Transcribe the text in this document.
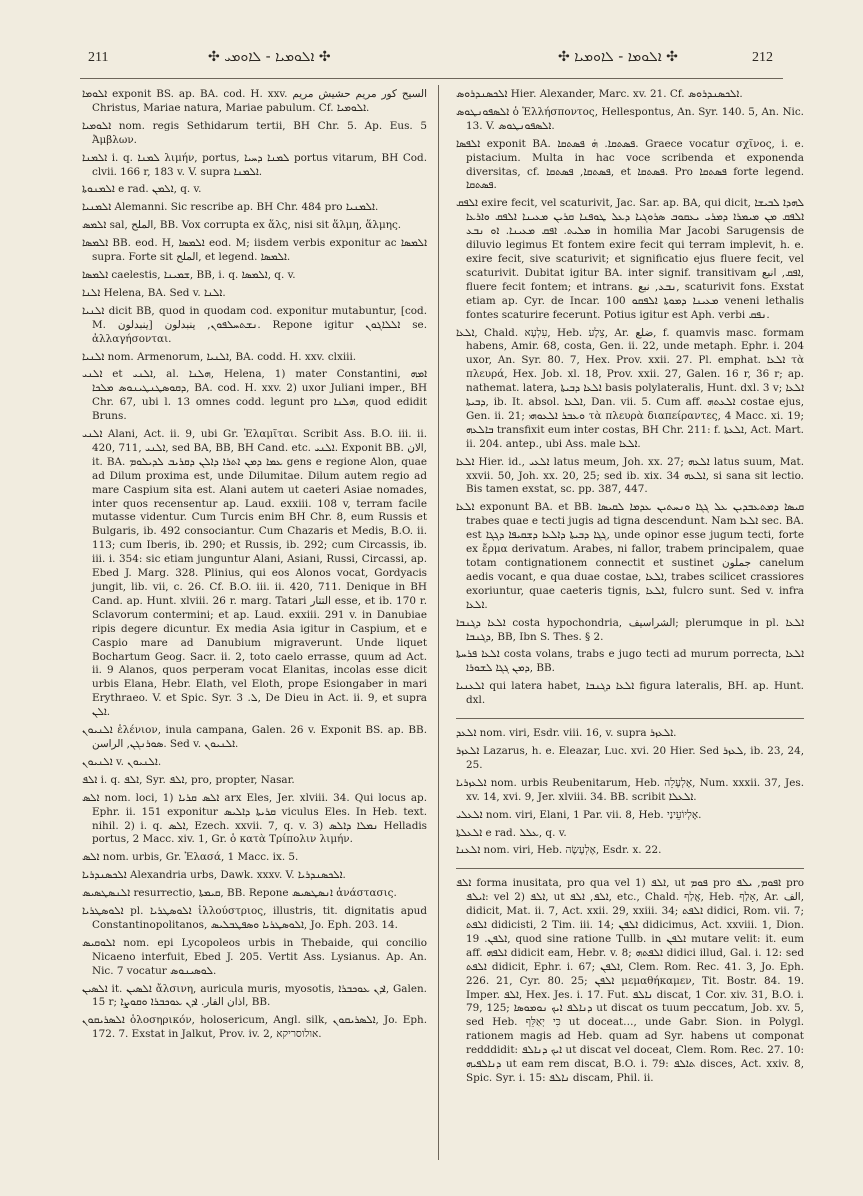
211	✣ ܐܠܘܡܝܐ - ܠܐܘܡܝ ✣	✣ ܐܠܘܡܐ - ܠܐܘܡܝܐ ✣	212

ܐܠܘܡܐ exponit BS. ap. BA. cod. H. xxv. السيح كور مريم حشيش مريم Christus, Mariae natura, Mariae pabulum. Cf. ܐܠܘܡܝܐ.

ܐܠܘܡܝܐ nom. regis Sethidarum tertii, BH Chr. 5. Ap. Eus. 5 Ἀμβλων.

ܐܠܡܢܐ i. q. ܠܡܢܐ λιμήν, portus, ܠܡܢܐ ܕܚܝܐ portus vitarum, BH Cod. clvii. 166 r, 183 v. V. supra ܐܠܡܢܐ.

ܐܠܡܢܘܬܐ e rad. ܐܠܡܢ, q. v.

ܐܠܡܢܝܐ Alemanni. Sic rescribe ap. BH Chr. 484 pro ܐܠܡܢܝܐ.

ܐܠܡܣ sal, الملح, BB. Vox corrupta ex ἅλς, nisi sit ἅλμη, ἅλμης.

ܐܠܡܣܐ BB. eod. H, ܐܠܡܣܐ eod. M; iisdem verbis exponitur ac ܐܠܡܣܐ supra. Forte sit الملح, et legend. ܐܠܡܣܐ.

ܐܠܡܣܐ caelestis, ܫܡܝܢܐ, BB, i. q. ܐܠܡܣܐ, q. v.

ܐܠܢܐ Helena, BA. Sed v. ܐܠܢܐ.

ܐܠܢܝܐ dicit BB, quod in quodam cod. exponitur mutabuntur, [cod. M. ينبدلون] ܢܫܬܚܠܦܘܢ, ينبدلون. Repone igitur ܐܠܠܐܓܘܢ se. ἀλλαγήσονται.

ܐܠܢܝܐ nom. Armenorum, ܐܠܢܝܐ, BA. codd. H. xxv. clxiii.

ܐܠܢܝ et ܐܠܢܝ, al. ܗܠܢܐ, Helena, 1) mater Constantini, ܐܡܗ ܕܩܘܣܛܢܛܝܢܘܣ ܡܠܟܐ, BA. cod. H. xxv. 2) uxor Juliani imper., BH Chr. 67, ubi l. 13 omnes codd. legunt pro ܗܠܢܐ, quod edidit Bruns.

ܐܠܢܝ Alani, Act. ii. 9, ubi Gr. Ἐλαμῖται. Scribit Ass. B.O. iii. ii. 420, 711, ܐܠܢܝ, sed BA, BB, BH Cand. etc. ܐܠܢܝ. Exponit BB. الان, it. BA. ܥܡܐ ܕܡܢ ܐܬܪܐ ܕܐܠܢ ܕܩܪܝܒ ܠܕܝܠܘܡ gens e regione Alon, quae ad Dilum proxima est, unde Dilumitae. Dilum autem regio ad mare Caspium sita est. Alani autem ut caeteri Asiae nomades, inter quos recensentur ap. Laud. exxiii. 108 v, terram facile mutasse videntur. Cum Turcis enim BH Chr. 8, eum Russis et Bulgaris, ib. 492 consociantur. Cum Chazaris et Medis, B.O. ii. 113; cum Iberis, ib. 290; et Russis, ib. 292; cum Circassis, ib. iii. i. 354: sic etiam junguntur Alani, Asiani, Russi, Circassi, ap. Ebed J. Marg. 328. Plinius, qui eos Alonos vocat, Gordyacis jungit, lib. vii, c. 26. Cf. B.O. iii. ii. 420, 711. Denique in BH Cand. ap. Hunt. xlviii. 26 r. marg. Tatari التتار esse, et ib. 170 r. Sclavorum contermini; et ap. Laud. exxiii. 291 v. in Danubiae ripis degere dicuntur. Ex media Asia igitur in Caspium, et e Caspio mare ad Danubium migraverunt. Unde liquet Bochartum Geog. Sacr. ii. 2, toto caelo errasse, quum ad Act. ii. 9 Alanos, quos perperam vocat Elanitas, incolas esse dicit urbis Elana, Hebr. Elath, vel Eloth, prope Esiongaber in mari Erythraeo. V. et Spic. Syr. ܠ. 3, De Dieu in Act. ii. 9, et supra ܐܠܢ.

ܐܠܢܝܘܢ ἑλένιον, inula campana, Galen. 26 v. Exponit BS. ap. BB. ܣܘܪܢܓܢ, الراسن. Sed v. ܐܠܢܝܘܢ.

ܐܠܢܝܘܢ v. ܐܠܢܝܘܢ.

ܐܠܦ i. q. ܐܠܦ, Syr. ܐܠܦ, pro, propter, Nasar.

ܐܠܣ nom. loci, 1) ܐܠܣ ܩܪܝܐ arx Eles, Jer. xlviii. 34. Qui locus ap. Ephr. ii. 151 exponitur ܩܪܝܬܐ ܕܐܠܝܣ viculus Eles. In Heb. text. nihil. 2) i. q. ܐܠܣ, Ezech. xxvii. 7, q. v. 3) ܢܡܠܐ ܕܐܠܣ Helladis portus, 2 Macc. xiv. 1, Gr. ὁ κατὰ Τρίπολιν λιμήν.

ܐܠܣ nom. urbis, Gr. Ἐλασά, 1 Macc. ix. 5.

ܐܠܟܣܢܕܪܝܐ Alexandria urbs, Dawk. xxxv. V. ܐܠܟܣܢܕܪܝܐ.

ܐܠܢܣܛܣܝܣ resurrectio, ܩܝܡܬܐ, BB. Repone ܐܢܣܛܣܝܣ ἀνάστασις.

ܐܠܘܣܛܪܝܐ pl. ܐܠܘܣܛܪܝܐ ἰλλούστριος, illustris, tit. dignitatis apud Constantinopolitanos, ܐܠܘܣܛܪܝܐ ܘܣܦܛܒܠܝܣ, Jo. Eph. 203. 14.

ܐܠܘܩܝܣ nom. epi Lycopoleos urbis in Thebaide, qui concilio Nicaeno interfuit, Ebed J. 205. Vertit Ass. Lysianus. Ap. An. Nic. 7 vocatur ܠܘܣܝܢܘܣ.

ܐܠܣܝܢ it. ܐܠܣܝܢ ἄλσινη, auricula muris, myosotis, ܐܕܢ ܥܘܟܒܪܐ, Galen. 15 r; اذان الفار. ܐܕܢ ܥܘܟܒܪܐ ܘܩܘܨܐ, BB.

ܐܠܣܪܝܩܘܢ ὁλοσηρικόν, holosericum, Angl. silk, ܐܠܣܪܝܩܘܢ, Jo. Eph. 172. 7. Exstat in Jalkut, Prov. iv. 2, אולוסריקא.

ܐܠܟܣܢܕܪܘܣ Hier. Alexander, Marc. xv. 21. Cf. ܐܠܟܣܢܕܪܘܣ.

ܐܠܣܦܘܢܛܘܣ ὁ Ἑλλήσποντος, Hellespontus, An. Syr. 140. 5, An. Nic. 13. V. ܐܠܣܦܘܢܛܘܣ.

ܐܠܦܣܐ exponit BA. ܦܣܬܩܐ. ܗ̇ ܦܣܬܩܐ. Graece vocatur σχῖνος, i. e. pistacium. Multa in hac voce scribenda et exponenda diversitas, cf. ܦܣܬܩܐ, ܦܣܬܩܐ, et ܦܣܬܩܐ. Pro ܦܣܬܩܐ forte legend. ܦܣܬܩܐ.

ܐܠܦܩ exire fecit, vel scaturivit, Jac. Sar. ap. BA, qui dicit, ܠܗܕܐ ܠܒܝܫܐ ܐܠܦܩ ܡܢ ܡܝܡܪܐ ܕܡܪܝ ܝܥܩܘܒ ܣܪܘܓܝܐ ܕܥܠ ܛܘܦܢܐ ܩܪܝܢ ܡܥܝܢܐ ܐܠܦܩ ܘܐܪܥܐ ܡܠܝܬ. ܐܦܩ ܡܥܝܢܐ. ܐܘ ܢܒܥ in homilia Mar Jacobi Sarugensis de diluvio legimus Et fontem exire fecit qui terram implevit, h. e. exire fecit, sive scaturivit; et significatio ejus fluere fecit, vel scaturivit. Dubitat igitur BA. inter signif. transitivam ܐܦܩ, انبع, fluere fecit fontem; et intrans. ܢܒܥ, نبع, scaturivit fons. Exstat etiam ap. Cyr. de Incar. 100 ܡܥܝܢܐ ܕܡܘܬܐ ܐܠܦܩܘ veneni lethalis fontes scaturire fecerunt. Potius igitur est Aph. verbi ܢܦܩ.

ܐܠܥܐ, Chald. עִלְעָא, Heb. צֵלָע, Ar. ضلع, f. quamvis masc. formam habens, Amir. 68, costa, Gen. ii. 22, unde metaph. Ephr. i. 204 uxor, An. Syr. 80. 7, Hex. Prov. xxii. 27. Pl. emphat. ܐܠܥܐ τὰ πλευρά, Hex. Job. xl. 18, Prov. xxii. 27, Galen. 16 r, 36 r; ap. nathemat. latera, ܐܠܥܐ ܕܒܝܬܐ basis polylateralis, Hunt. dxl. 3 v; ܐܠܥܐ ܕܒܝܬܐ, ib. It. absol. ܐܠܥܐ, Dan. vii. 5. Cum aff. ܐܠܥܬܗ costae ejus, Gen. ii. 21; ܘܥܒܪ ܐܠܥܘܗܝ τὰ πλευρὰ διαπείραντες, 4 Macc. xi. 19; ܒܐܠܥܗ transfixit eum inter costas, BH Chr. 211: f. ܐܠܥܬܐ, Act. Mart. ii. 204. antep., ubi Ass. male ܐܠܥܐ.

ܐܠܥܐ Hier. id., ܐܠܥܝ latus meum, Joh. xx. 27; ܐܠܥܗ latus suum, Mat. xxvii. 50, Joh. xx. 20, 25; sed ib. xix. 34 ܐܠܥܗ, si sana sit lectio. Bis tamen exstat, sc. pp. 387, 447.

ܐܠܥܐ exponunt BA. et BB. ܩܝܣܐ ܕܡܬܥܒܕܝܢ ܥܠ ܓܓܐ ܘܢܚܬܝܢ ܥܕܡܐ ܠܩܝܣܐ trabes quae e tecti jugis ad tigna descendunt. Nam ܐܠܥܐ sec. BA. est ܓܓܐ ܕܒܝܬܐ ܕܐܠܥܐ ܕܫܩܝܦܐ ܕܓܓܐ, unde opinor esse jugum tecti, forte ex ἔρμα derivatum. Arabes, ni fallor, trabem principalem, quae totam contignationem connectit et sustinet جملون canelum aedis vocant, e qua duae costae, ܐܠܥܐ, trabes scilicet crassiores exoriuntur, quae caeteris tignis, ܐܠܥܐ, fulcro sunt. Sed v. infra ܐܠܥܐ.

ܐܠܥܐ ܕܓܢܒܐ costa hypochondria, الشراسيف; plerumque in pl. ܐܠܥܐ ܕܓܢܒܐ, BB, Ibn S. Thes. § 2.

ܐܠܥܐ ܦܪܚܬܐ costa volans, trabs e jugo tecti ad murum porrecta, ܐܠܥܐ ܕܡܢ ܓܓܐ ܠܫܘܪܐ, BB.

ܐܠܥܢܝܐ qui latera habet, ܐܠܥܐ ܕܓܢܒܐ figura lateralis, BH. ap. Hunt. dxl.

ܐܠܥܕ nom. viri, Esdr. viii. 16, v. supra ܐܠܥܙܪ.

ܐܠܥܙܪ Lazarus, h. e. Eleazar, Luc. xvi. 20 Hier. Sed ܠܥܙܪ, ib. 23, 24, 25.

ܐܠܥܙܪܝܐ nom. urbis Reubenitarum, Heb. אֶלְעָלֵה, Num. xxxii. 37, Jes. xv. 14, xvi. 9, Jer. xlviii. 34. BB. scribit ܐܠܥܠܐ.

ܐܠܥܠܝ nom. viri, Elani, 1 Par. vii. 8, Heb. אֶלְיוֹעֵינַי.

ܐܠܥܠܬܐ e rad. ܥܠܠ, q. v.

ܐܠܥܢܐ nom. viri, Heb. אֶלְעָשָׂה, Esdr. x. 22.

ܐܠܦ forma inusitata, pro qua vel 1) ܐܠܦ, ut ܦܘܡ pro ܐܦܘܡ, ܝܠܦ pro ܐܝܠܦ: vel 2) ܐܠܦ, ut ܐܠܦ, ܐܠܦ, etc., Chald. אֲלַף, Heb. אָלַף, Ar. الف, didicit, Mat. ii. 7, Act. xxii. 29, xxiii. 34; ܐܠܦܬ didici, Rom. vii. 7; ܐܠܦܬ didicisti, 2 Tim. iii. 14; ܐܠܦܢ didicimus, Act. xxviii. 1, Dion. ܐܠܦܢ. 19, quod sine ratione Tullb. in ܐܠܦܢ mutare velit: it. eum aff. ܐܠܦܗ didicit eam, Hebr. v. 8; ܐܠܦܬܗ didici illud, Gal. i. 12: sed ܐܠܦܬ didicit, Ephr. i. 67; ܐܠܦܢ, Clem. Rom. Rec. 41. 3, Jo. Eph. 226. 21, Cyr. 80. 25; ܐܠܦܢ μεμαθήκαμεν, Tit. Bostr. 84. 19. Imper. ܐܠܦ, Hex. Jes. i. 17. Fut. ܢܐܠܦ discat, 1 Cor. xiv. 31, B.O. i. 79, 125; ܕܢܐܠܦ ܐܝܟ ܢܘܡܘܣܐ ut discat os tuum peccatum, Job. xv. 5, sed Heb. כִּי יְאַלֵּף ut doceat…, unde Gabr. Sion. in Polygl. rationem magis ad Heb. quam ad Syr. habens ut componat redddidit: ܐܝܟ ܕܢܐܠܦ ut discat vel doceat, Clem. Rom. Rec. 27. 10: ܕܢܐܠܦܝܗ ut eam rem discat, B.O. i. 79: ܬܐܠܦ disces, Act. xxiv. 8, Spic. Syr. i. 15: ܢܐܠܦ discam, Phil. ii.
